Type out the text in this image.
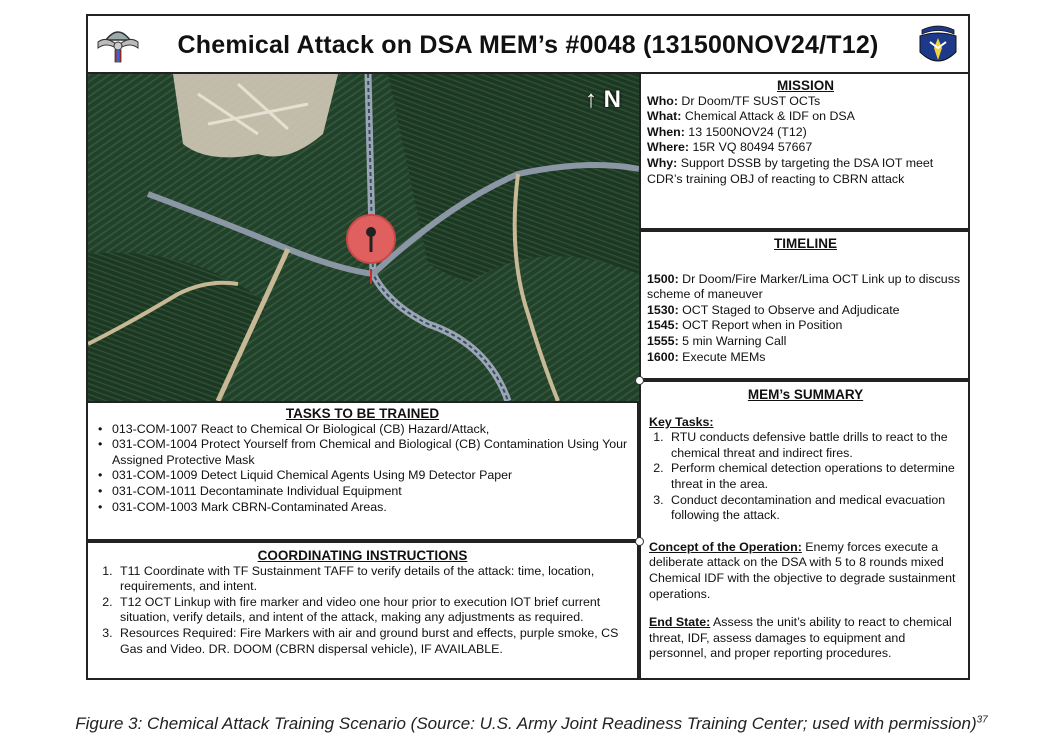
Chemical Attack on DSA MEM’s #0048 (131500NOV24/T12)
↑ N
MISSION
Who: Dr Doom/TF SUST OCTs
What: Chemical Attack & IDF on DSA
When: 13 1500NOV24 (T12)
Where: 15R VQ 80494 57667
Why: Support DSSB by targeting the DSA IOT meet CDR’s training OBJ of reacting to CBRN attack
TIMELINE
1500: Dr Doom/Fire Marker/Lima OCT Link up to discuss scheme of maneuver
1530: OCT Staged to Observe and Adjudicate
1545: OCT Report when in Position
1555: 5 min Warning Call
1600: Execute MEMs
MEM’s SUMMARY
Key Tasks:
1. RTU conducts defensive battle drills to react to the chemical threat and indirect fires.
2. Perform chemical detection operations to determine threat in the area.
3. Conduct decontamination and medical evacuation following the attack.
Concept of the Operation: Enemy forces execute a deliberate attack on the DSA with 5 to 8 rounds mixed Chemical IDF with the objective to degrade sustainment operations.
End State: Assess the unit’s ability to react to chemical threat, IDF, assess damages to equipment and personnel, and proper reporting procedures.
TASKS TO BE TRAINED
• 013-COM-1007 React to Chemical Or Biological (CB) Hazard/Attack,
• 031-COM-1004 Protect Yourself from Chemical and Biological (CB) Contamination Using Your Assigned Protective Mask
• 031-COM-1009 Detect Liquid Chemical Agents Using M9 Detector Paper
• 031-COM-1011 Decontaminate Individual Equipment
• 031-COM-1003 Mark CBRN-Contaminated Areas.
COORDINATING INSTRUCTIONS
1. T11 Coordinate with TF Sustainment TAFF to verify details of the attack: time, location, requirements, and intent.
2. T12 OCT Linkup with fire marker and video one hour prior to execution IOT brief current situation, verify details, and intent of the attack, making any adjustments as required.
3. Resources Required: Fire Markers with air and ground burst and effects, purple smoke, CS Gas and Video. DR. DOOM (CBRN dispersal vehicle), IF AVAILABLE.
Figure 3: Chemical Attack Training Scenario (Source: U.S. Army Joint Readiness Training Center; used with permission)$^{37}$
